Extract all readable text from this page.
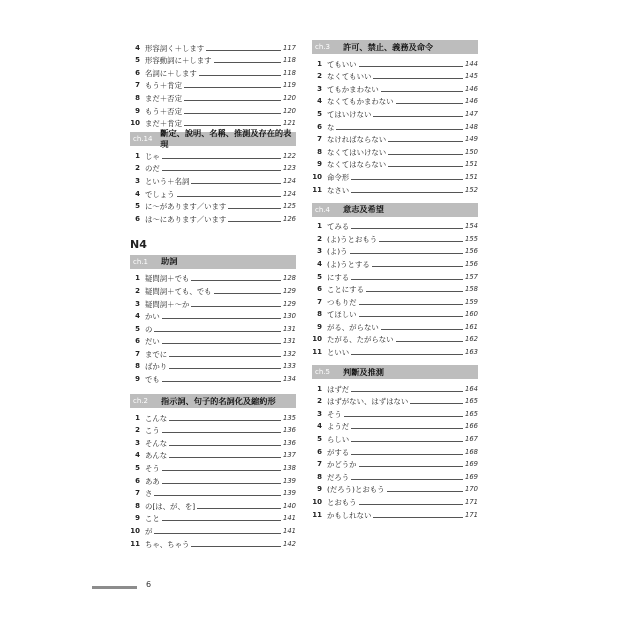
4 形容詞く＋します	117
5 形容動詞に＋します	118
6 名詞に＋します	118
7 もう＋肯定	119
8 まだ＋否定	120
9 もう＋否定	120
10 まだ＋肯定	121
ch.14
斷定、說明、名稱、推測及存在的表現
1 じゃ	122
2 のだ	123
3 という＋名詞	124
4 でしょう	124
5 に〜があります／います	125
6 は〜にあります／います	126
N4
ch.1	助詞
1 疑問詞＋でも	128
2 疑問詞＋ても、でも	129
3 疑問詞＋〜か	129
4 かい	130
5 の	131
6 だい	131
7 までに	132
8 ばかり	133
9 でも	134
ch.2	指示詞、句子的名詞化及縮約形
1 こんな	135
2 こう	136
3 そんな	136
4 あんな	137
5 そう	138
6 ああ	139
7 さ	139
8 の[は、が、を]	140
9 こと	141
10 が	141
11 ちゃ、ちゃう	142
ch.3	許可、禁止、義務及命令
1 てもいい	144
2 なくてもいい	145
3 てもかまわない	146
4 なくてもかまわない	146
5 てはいけない	147
6 な	148
7 なければならない	149
8 なくてはいけない	150
9 なくてはならない	151
10 命令形	151
11 なさい	152
ch.4	意志及希望
1 てみる	154
2 (よ)うとおもう	155
3 (よ)う	156
4 (よ)うとする	156
5 にする	157
6 ことにする	158
7 つもりだ	159
8 てほしい	160
9 がる、がらない	161
10 たがる、たがらない	162
11 といい	163
ch.5	判斷及推測
1 はずだ	164
2 はずがない、はずはない	165
3 そう	165
4 ようだ	166
5 らしい	167
6 がする	168
7 かどうか	169
8 だろう	169
9 (だろう)とおもう	170
10 とおもう	171
11 かもしれない	171
6
